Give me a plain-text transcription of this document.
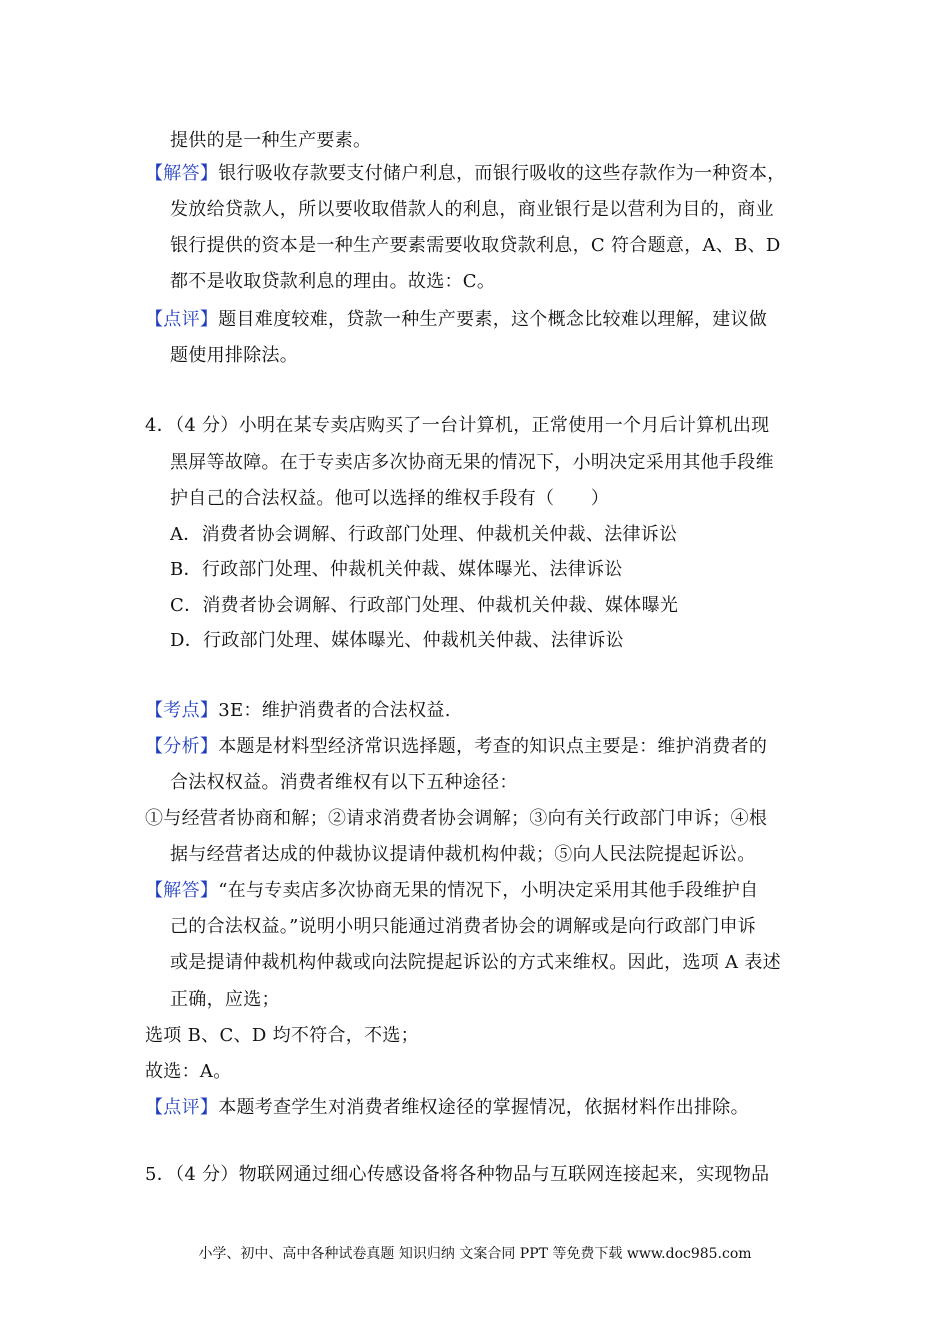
提供的是一种生产要素。
【解答】银行吸收存款要支付储户利息，而银行吸收的这些存款作为一种资本，
发放给贷款人，所以要收取借款人的利息，商业银行是以营利为目的，商业
银行提供的资本是一种生产要素需要收取贷款利息，C 符合题意，A、B、D
都不是收取贷款利息的理由。故选：C。
【点评】题目难度较难，贷款一种生产要素，这个概念比较难以理解，建议做
题使用排除法。
4．（4 分）小明在某专卖店购买了一台计算机，正常使用一个月后计算机出现
黑屏等故障。在于专卖店多次协商无果的情况下，小明决定采用其他手段维
护自己的合法权益。他可以选择的维权手段有（　　）
A．消费者协会调解、行政部门处理、仲裁机关仲裁、法律诉讼
B．行政部门处理、仲裁机关仲裁、媒体曝光、法律诉讼
C．消费者协会调解、行政部门处理、仲裁机关仲裁、媒体曝光
D．行政部门处理、媒体曝光、仲裁机关仲裁、法律诉讼
【考点】3E：维护消费者的合法权益.
【分析】本题是材料型经济常识选择题，考查的知识点主要是：维护消费者的
合法权权益。消费者维权有以下五种途径：
①与经营者协商和解；②请求消费者协会调解；③向有关行政部门申诉；④根
据与经营者达成的仲裁协议提请仲裁机构仲裁；⑤向人民法院提起诉讼。
【解答】“在与专卖店多次协商无果的情况下，小明决定采用其他手段维护自
己的合法权益。”说明小明只能通过消费者协会的调解或是向行政部门申诉
或是提请仲裁机构仲裁或向法院提起诉讼的方式来维权。因此，选项 A 表述
正确，应选；
选项 B、C、D 均不符合，不选；
故选：A。
【点评】本题考查学生对消费者维权途径的掌握情况，依据材料作出排除。
5．（4 分）物联网通过细心传感设备将各种物品与互联网连接起来，实现物品
小学、初中、高中各种试卷真题 知识归纳 文案合同 PPT 等免费下载 www.doc985.com
